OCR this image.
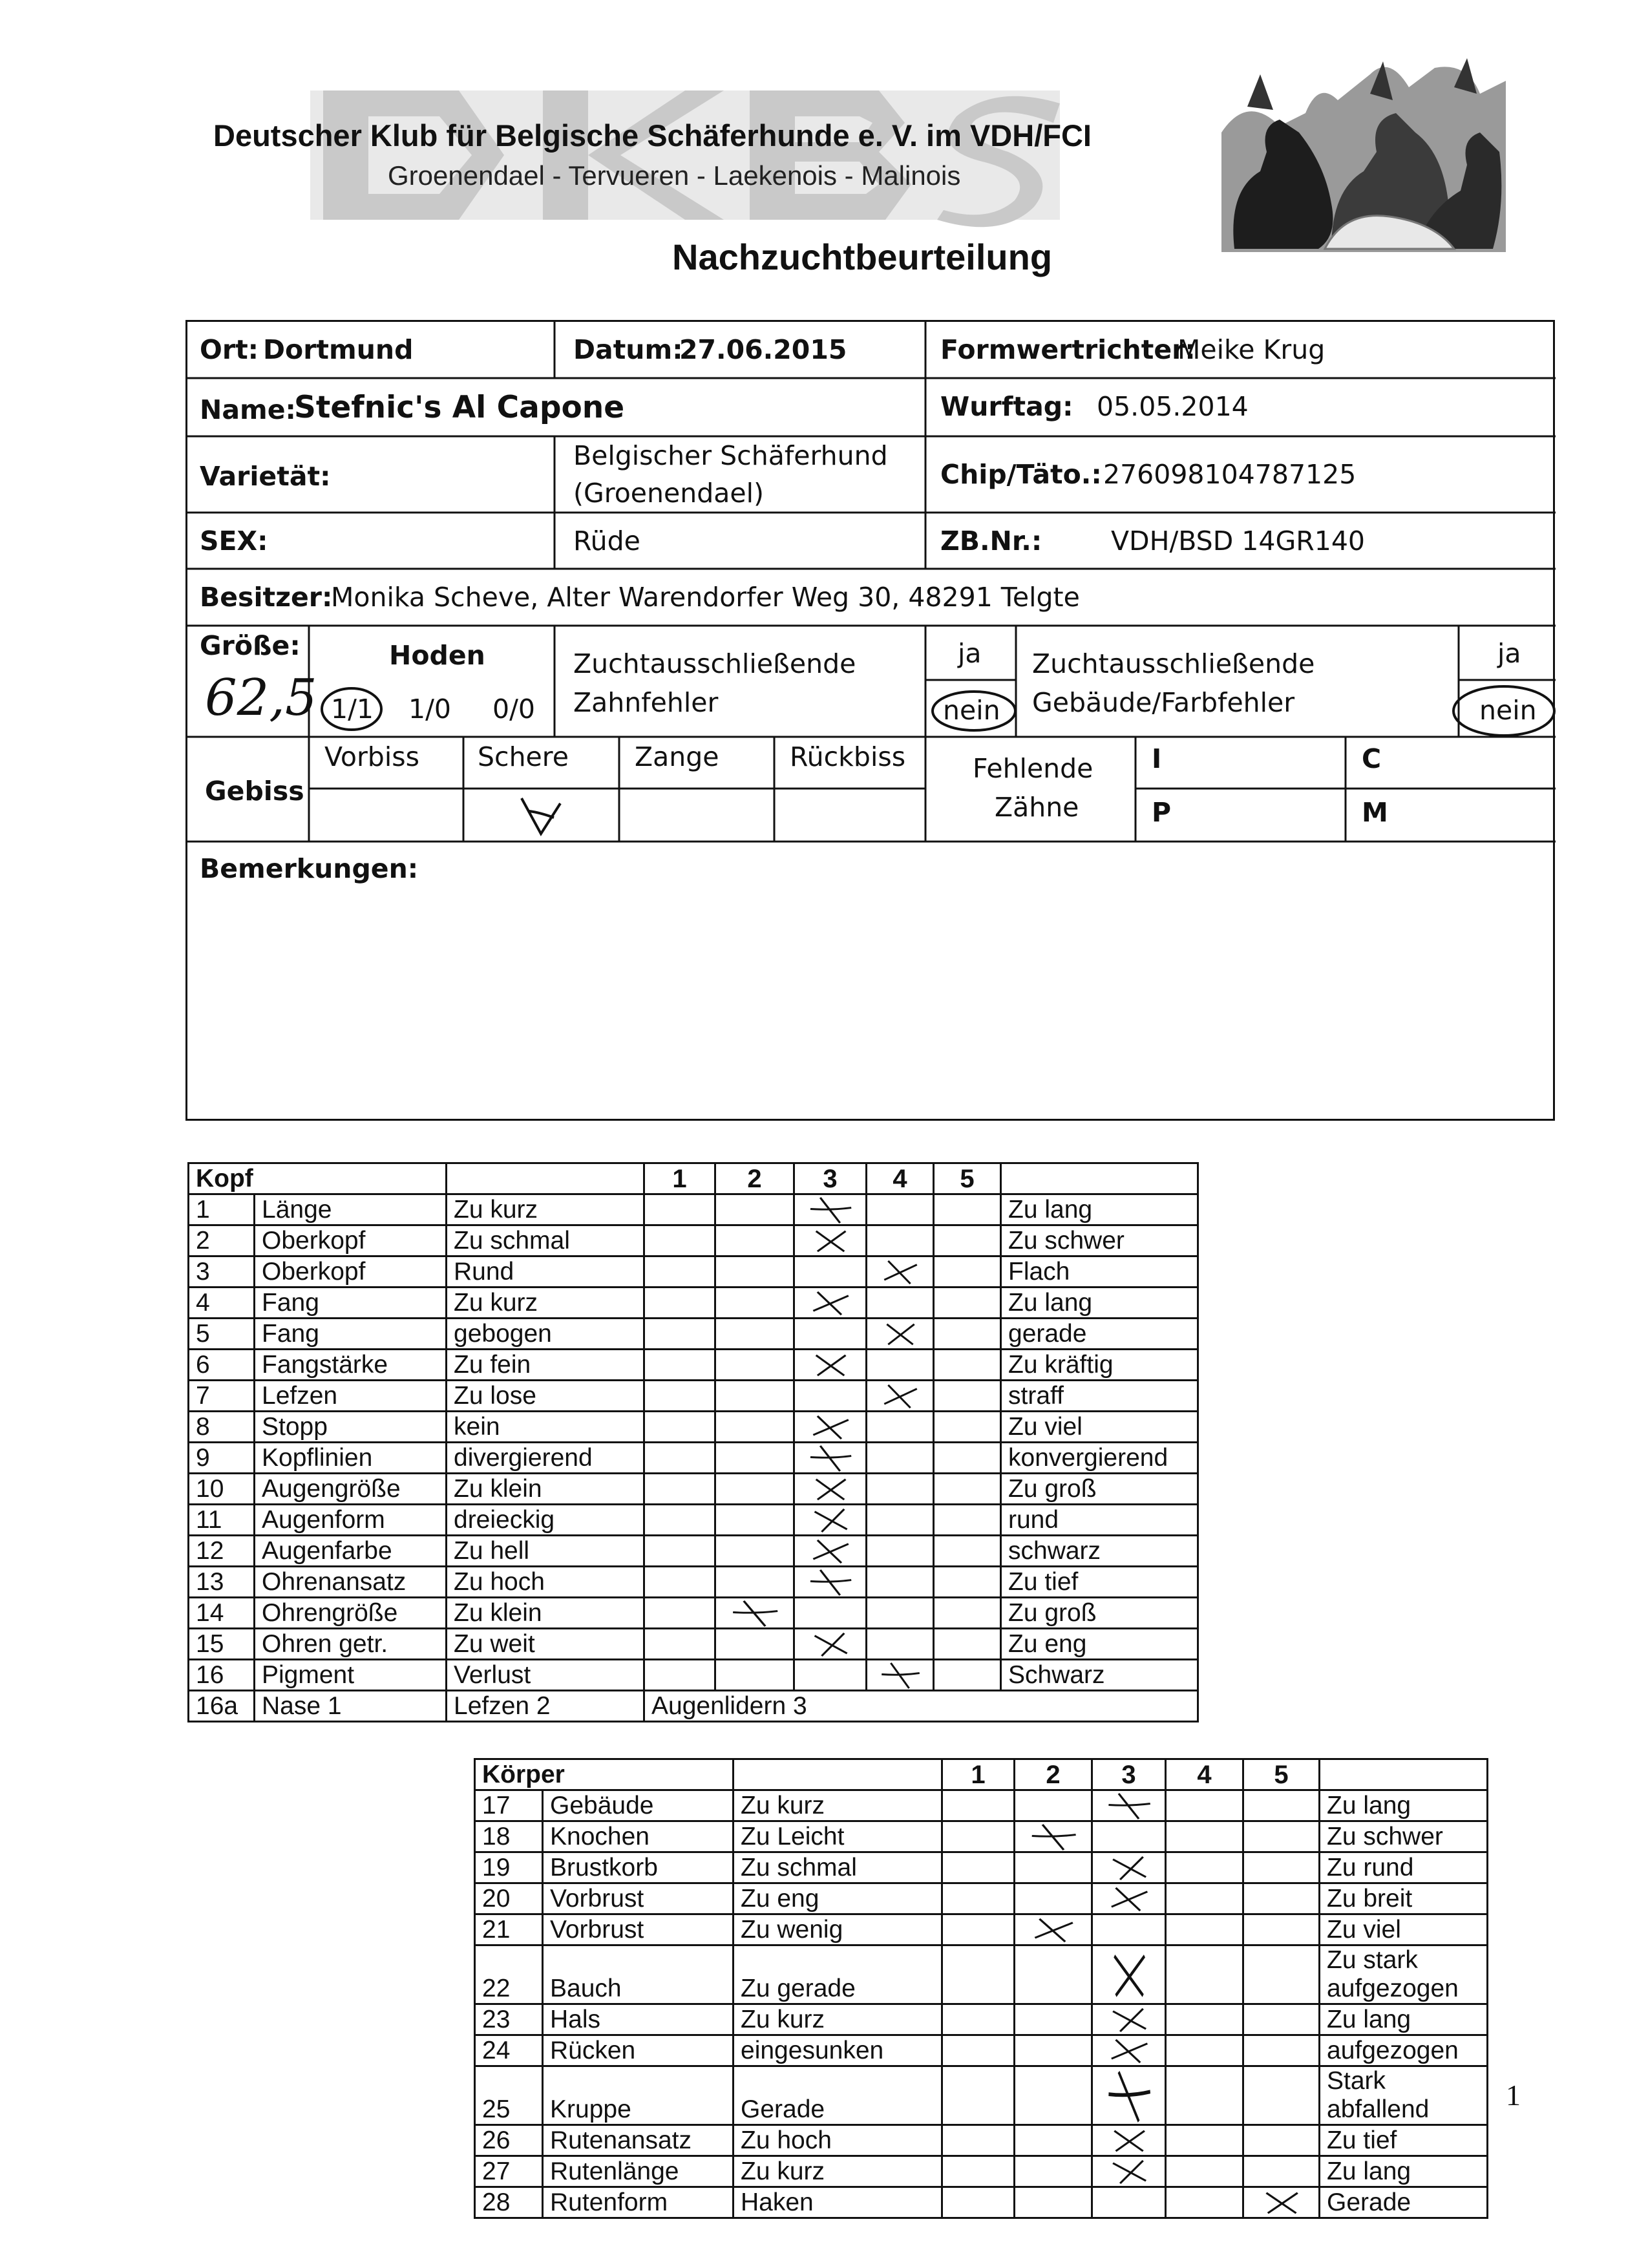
Deutscher Klub für Belgische Schäferhunde e. V. im VDH/FCI
Groenendael - Tervueren - Laekenois - Malinois
Nachzuchtbeurteilung
Ort: Dortmund	Datum:
27.06.2015	Formwertrichter:
Meike Krug
Name:
Stefnic's Al Capone	Wurftag: 05.05.2014
Varietät:
Belgischer Schäferhund
(Groenendael)
Chip/Täto.: 276098104787125
SEX:	Rüde	ZB.Nr.:	VDH/BSD 14GR140
Besitzer:
Monika Scheve, Alter Warendorfer Weg 30, 48291 Telgte
Größe:
62,5
Hoden
1/1 1/0 0/0
Zuchtausschließende
Zahnfehler
ja
nein
Zuchtausschließende
Gebäude/Farbfehler
ja
nein
Gebiss
Vorbiss Schere Zange	Rückbiss	Fehlende
Zähne
I	C
P	M
Bemerkungen:
Kopf			1	2	3	4	5	
1	Länge	Zu kurz						Zu lang

2	Oberkopf	Zu schmal						Zu schwer

3	Oberkopf	Rund						Flach

4	Fang	Zu kurz						Zu lang

5	Fang	gebogen						gerade

6	Fangstärke	Zu fein						Zu kräftig

7	Lefzen	Zu lose						straff

8	Stopp	kein						Zu viel

9	Kopflinien	divergierend						konvergierend

10	Augengröße	Zu klein						Zu groß

11	Augenform	dreieckig						rund

12	Augenfarbe	Zu hell						schwarz

13	Ohrenansatz	Zu hoch						Zu tief

14	Ohrengröße	Zu klein						Zu groß

15	Ohren getr.	Zu weit						Zu eng

16	Pigment	Verlust						Schwarz

16a	Nase 1	Lefzen 2	Augenlidern 3					
Körper			1	2	3	4	5	
17	Gebäude	Zu kurz						Zu lang

18	Knochen	Zu Leicht						Zu schwer

19	Brustkorb	Zu schmal						Zu rund

20	Vorbrust	Zu eng						Zu breit

21	Vorbrust	Zu wenig						Zu viel

22	Bauch	Zu gerade						Zu stark
aufgezogen

23	Hals	Zu kurz						Zu lang

24	Rücken	eingesunken						aufgezogen

25	Kruppe	Gerade						Stark
abfallend

26	Rutenansatz	Zu hoch						Zu tief

27	Rutenlänge	Zu kurz						Zu lang

28	Rutenform	Haken						Gerade
1
